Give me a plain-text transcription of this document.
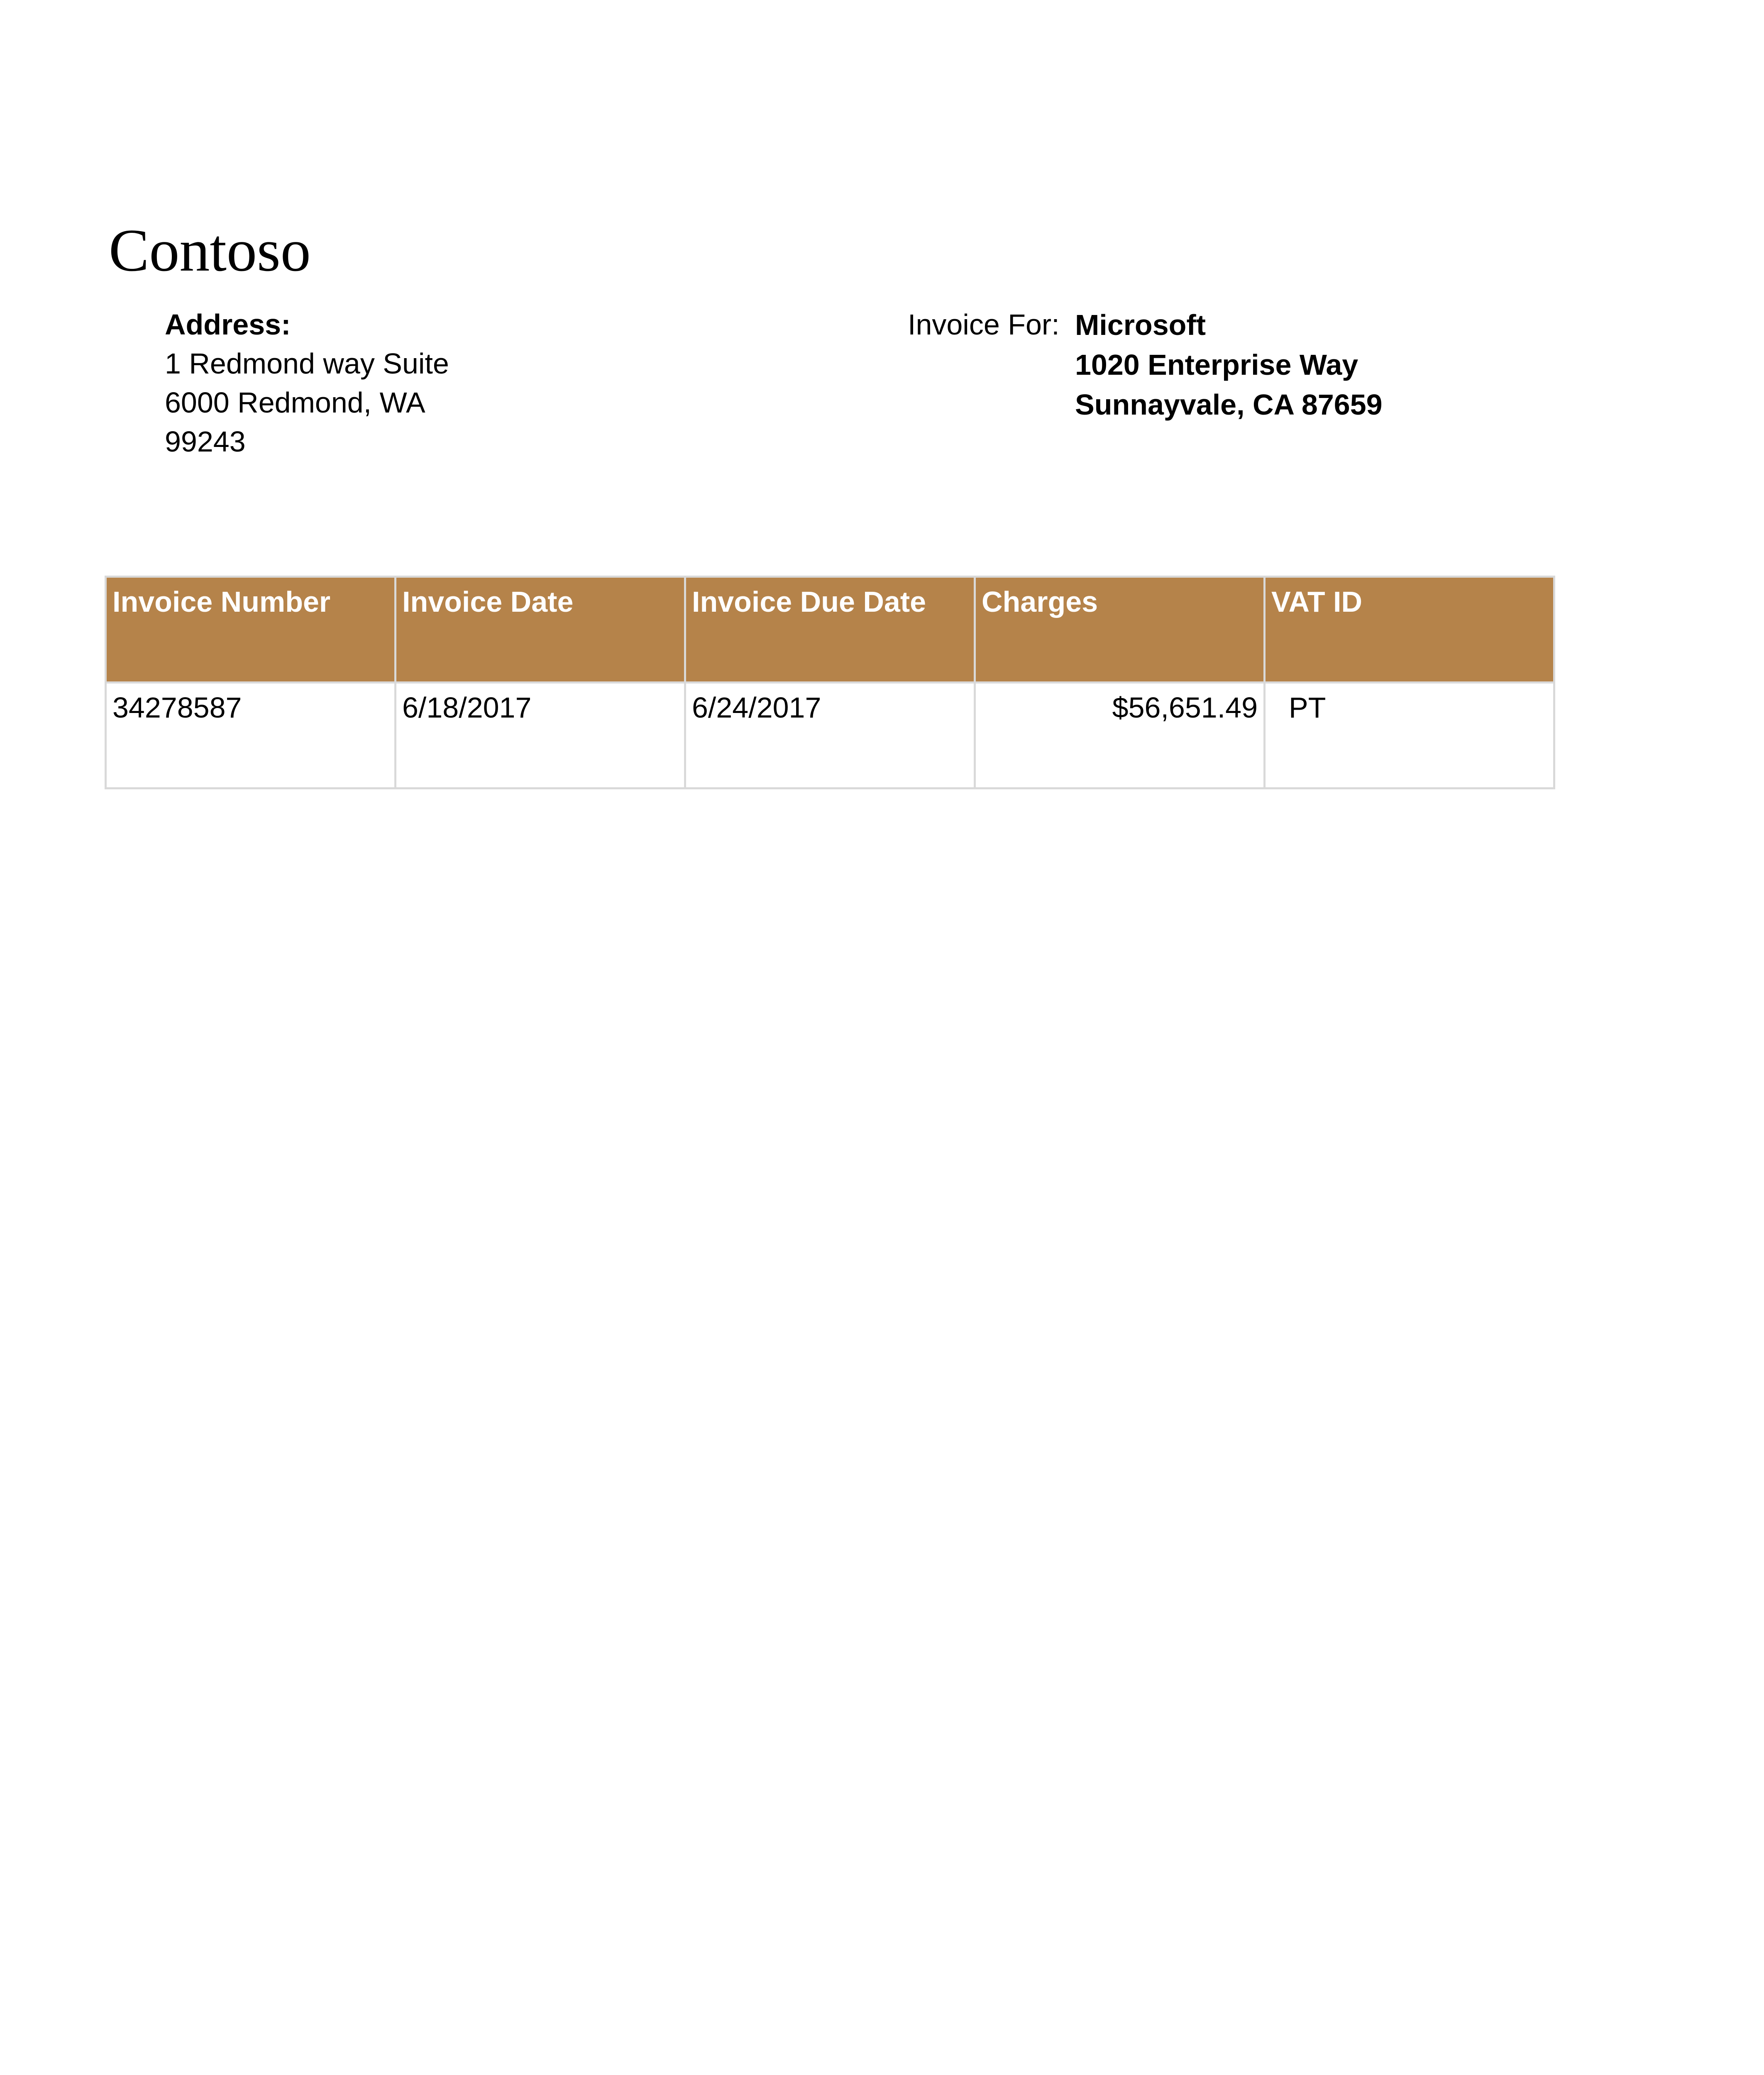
Contoso
Address:
1 Redmond way Suite
6000 Redmond, WA
99243
Invoice For: Microsoft
1020 Enterprise Way
Sunnayvale, CA 87659
Invoice Number	Invoice Date	Invoice Due Date	Charges	VAT ID
34278587	6/18/2017	6/24/2017	$56,651.49	PT
